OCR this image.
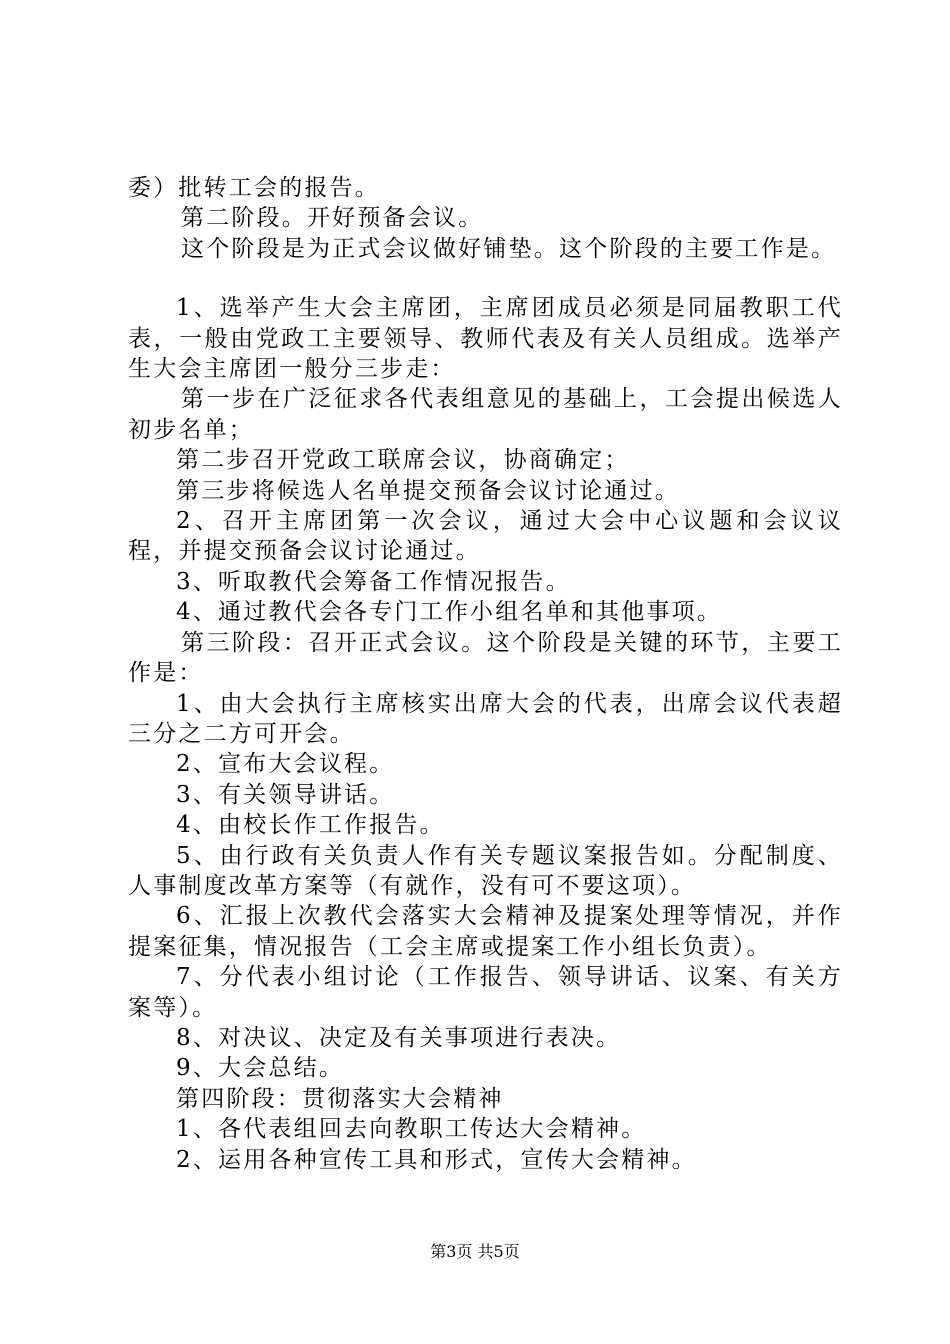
委）批转工会的报告。

第二阶段。开好预备会议。

这个阶段是为正式会议做好铺垫。这个阶段的主要工作是。

1、选举产生大会主席团，主席团成员必须是同届教职工代表，一般由党政工主要领导、教师代表及有关人员组成。选举产生大会主席团一般分三步走：

第一步在广泛征求各代表组意见的基础上，工会提出候选人初步名单；

第二步召开党政工联席会议，协商确定；

第三步将候选人名单提交预备会议讨论通过。

2、召开主席团第一次会议，通过大会中心议题和会议议程，并提交预备会议讨论通过。

3、听取教代会筹备工作情况报告。

4、通过教代会各专门工作小组名单和其他事项。

第三阶段：召开正式会议。这个阶段是关键的环节，主要工作是：

1、由大会执行主席核实出席大会的代表，出席会议代表超三分之二方可开会。

2、宣布大会议程。

3、有关领导讲话。

4、由校长作工作报告。

5、由行政有关负责人作有关专题议案报告如。分配制度、人事制度改革方案等（有就作，没有可不要这项）。

6、汇报上次教代会落实大会精神及提案处理等情况，并作提案征集，情况报告（工会主席或提案工作小组长负责）。

7、分代表小组讨论（工作报告、领导讲话、议案、有关方案等）。

8、对决议、决定及有关事项进行表决。

9、大会总结。

第四阶段：贯彻落实大会精神

1、各代表组回去向教职工传达大会精神。

2、运用各种宣传工具和形式，宣传大会精神。

第3页 共5页
